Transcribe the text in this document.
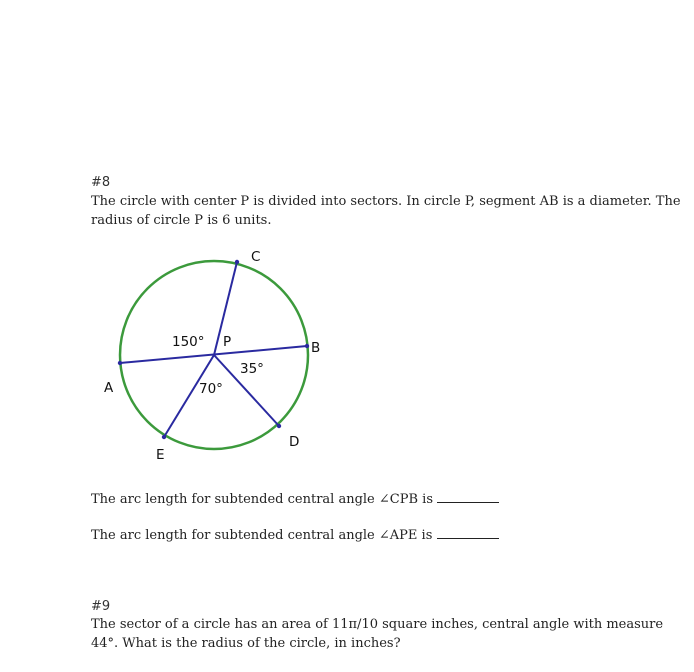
#8
The circle with center P is divided into sectors. In circle P, segment AB is a diameter. The
radius of circle P is 6 units.
C
150° P	B
35°
70°
A
D
E
The arc length for subtended central angle ∠CPB is
The arc length for subtended central angle ∠APE is
#9
The sector of a circle has an area of 11π/10 square inches, central angle with measure
44°. What is the radius of the circle, in inches?
